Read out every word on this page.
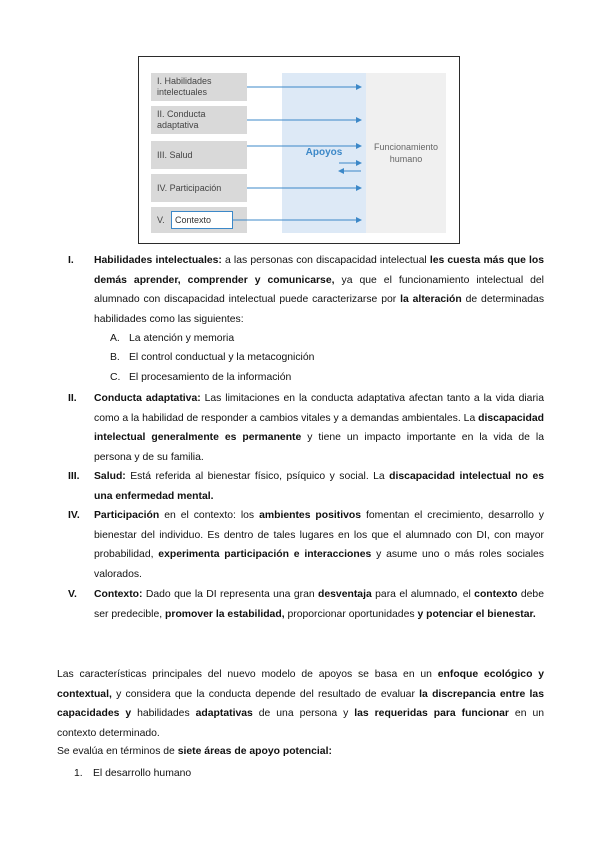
Apoyos	Funcionamiento humano
I. Habilidades intelectuales
II. Conducta adaptativa
III. Salud
IV. Participación
V.	Contexto
I. Habilidades intelectuales: a las personas con discapacidad intelectual les cuesta más que los demás aprender, comprender y comunicarse, ya que el funcionamiento intelectual del alumnado con discapacidad intelectual puede caracterizarse por la alteración de determinadas habilidades como las siguientes:
A. La atención y memoria
B. El control conductual y la metacognición
C. El procesamiento de la información
II. Conducta adaptativa: Las limitaciones en la conducta adaptativa afectan tanto a la vida diaria como a la habilidad de responder a cambios vitales y a demandas ambientales. La discapacidad intelectual generalmente es permanente y tiene un impacto importante en la vida de la persona y de su familia.
III. Salud: Está referida al bienestar físico, psíquico y social. La discapacidad intelectual no es una enfermedad mental.
IV. Participación en el contexto: los ambientes positivos fomentan el crecimiento, desarrollo y bienestar del individuo. Es dentro de tales lugares en los que el alumnado con DI, con mayor probabilidad, experimenta participación e interacciones y asume uno o más roles sociales valorados.
V. Contexto: Dado que la DI representa una gran desventaja para el alumnado, el contexto debe ser predecible, promover la estabilidad, proporcionar oportunidades y potenciar el bienestar.
Las características principales del nuevo modelo de apoyos se basa en un enfoque ecológico y contextual, y considera que la conducta depende del resultado de evaluar la discrepancia entre las capacidades y habilidades adaptativas de una persona y las requeridas para funcionar en un contexto determinado.
Se evalúa en términos de siete áreas de apoyo potencial:
1. El desarrollo humano
